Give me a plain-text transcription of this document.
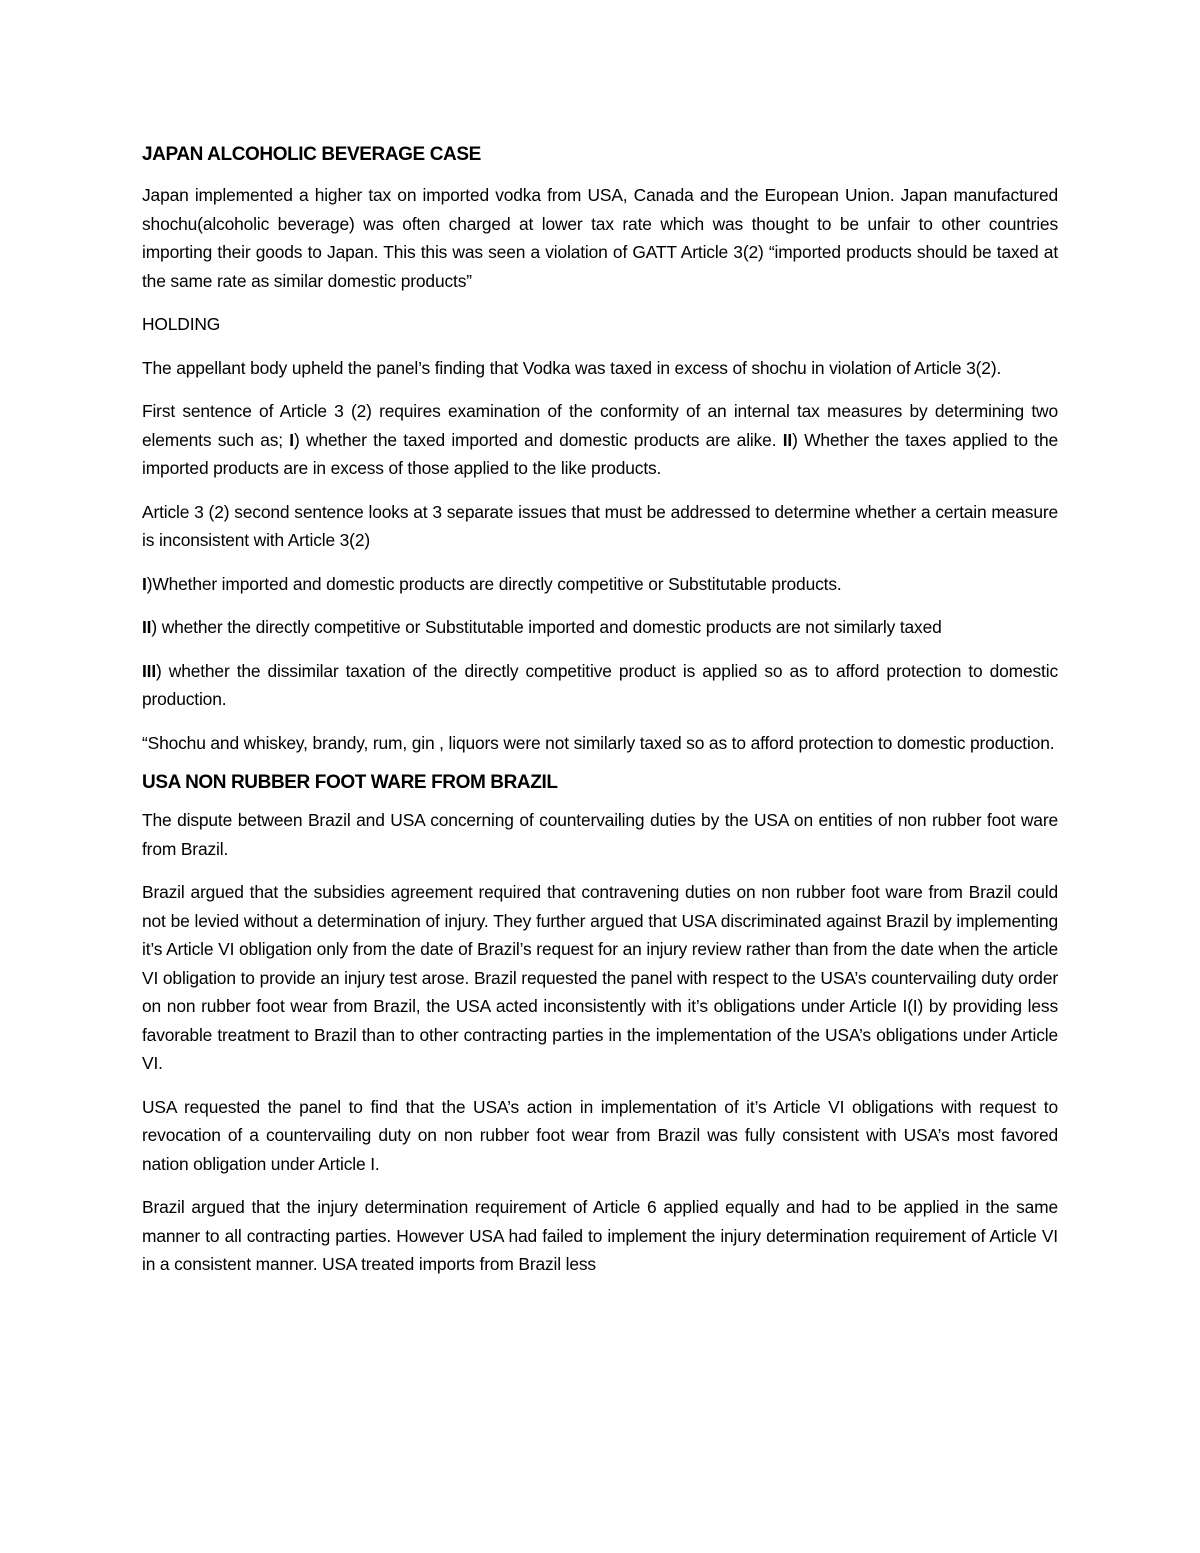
JAPAN ALCOHOLIC BEVERAGE CASE

Japan implemented a higher tax on imported vodka from USA, Canada and the European Union. Japan manufactured shochu(alcoholic beverage) was often charged at lower tax rate which was thought to be unfair to other countries importing their goods to Japan. This this was seen a violation of GATT Article 3(2) “imported products should be taxed at the same rate as similar domestic products”

HOLDING

The appellant body upheld the panel’s finding that Vodka was taxed in excess of shochu in violation of Article 3(2).

First sentence of Article 3 (2) requires examination of the conformity of an internal tax measures by determining two elements such as; I) whether the taxed imported and domestic products are alike. II) Whether the taxes applied to the imported products are in excess of those applied to the like products.

Article 3 (2) second sentence looks at 3 separate issues that must be addressed to determine whether a certain measure is inconsistent with Article 3(2)

I)Whether imported and domestic products are directly competitive or Substitutable products.

II) whether the directly competitive or Substitutable imported and domestic products are not similarly taxed

III) whether the dissimilar taxation of the directly competitive product is applied so as to afford protection to domestic production.

“Shochu and whiskey, brandy, rum, gin , liquors were not similarly taxed so as to afford protection to domestic production.

USA NON RUBBER FOOT WARE FROM BRAZIL

The dispute between Brazil and USA concerning of countervailing duties by the USA on entities of non rubber foot ware from Brazil.

Brazil argued that the subsidies agreement required that contravening duties on non rubber foot ware from Brazil could not be levied without a determination of injury. They further argued that USA discriminated against Brazil by implementing it’s Article VI obligation only from the date of Brazil’s request for an injury review rather than from the date when the article VI obligation to provide an injury test arose. Brazil requested the panel with respect to the USA’s countervailing duty order on non rubber foot wear from Brazil, the USA acted inconsistently with it’s obligations under Article I(I) by providing less favorable treatment to Brazil than to other contracting parties in the implementation of the USA’s obligations under Article VI.

USA requested the panel to find that the USA’s action in implementation of it’s Article VI obligations with request to revocation of a countervailing duty on non rubber foot wear from Brazil was fully consistent with USA’s most favored nation obligation under Article I.

Brazil argued that the injury determination requirement of Article 6 applied equally and had to be applied in the same manner to all contracting parties. However USA had failed to implement the injury determination requirement of Article VI in a consistent manner. USA treated imports from Brazil less
